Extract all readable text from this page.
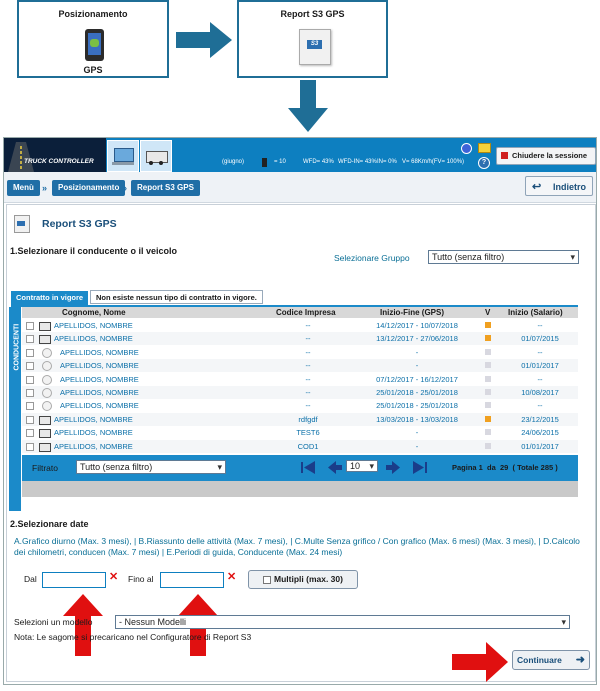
Posizionamento
GPS
Report S3 GPS
S3
TRUCK CONTROLLER	(giugno)	= 10	WFD= 43% WFD-IN= 43% IN= 0% V= 68Km/h(FV= 100%)	?
Chiudere la sessione
Menù »	Posizionamento »	Report S3 GPS	↩ Indietro
Report S3 GPS
1.Selezionare il conducente o il veicolo
Selezionare Gruppo	Tutto (senza filtro) ▾
Contratto in vigore	Non esiste nessun tipo di contratto in vigore.
CONDUCENTI
Cognome, Nome	Codice Impresa	Inizio-Fine (GPS)	V Inizio (Salario)
APELLIDOS, NOMBRE	--	14/12/2017 - 10/07/2018	--
APELLIDOS, NOMBRE	--	13/12/2017 - 27/06/2018	01/07/2015
APELLIDOS, NOMBRE	--	-	--
APELLIDOS, NOMBRE	--	-	01/01/2017
APELLIDOS, NOMBRE	--	07/12/2017 - 16/12/2017	--
APELLIDOS, NOMBRE	--	25/01/2018 - 25/01/2018	10/08/2017
APELLIDOS, NOMBRE	--	25/01/2018 - 25/01/2018	--
APELLIDOS, NOMBRE	rdfgdf	13/03/2018 - 13/03/2018	23/12/2015
APELLIDOS, NOMBRE	TEST6	-	24/06/2015
APELLIDOS, NOMBRE	COD1	-	01/01/2017
Filtrato	Tutto (senza filtro) ▾	10 ▾	Pagina 1 da 29 ( Totale 285 )
2.Selezionare date
A.Grafico diurno (Max. 3 mesi), | B.Riassunto delle attività (Max. 7 mesi), | C.Multe Senza grifico / Con grafico (Max. 6 mesi) (Max. 3 mesi), | D.Calcolo dei chilometri, conducen (Max. 7 mesi) | E.Periodi di guida, Conducente (Max. 24 mesi)
Dal	✕ Fino al	✕	Multipli (max. 30)
Selezioni un modello	- Nessun Modelli ▾
Nota: Le sagome si precaricano nel Configuratore di Report S3
Continuare ➜
